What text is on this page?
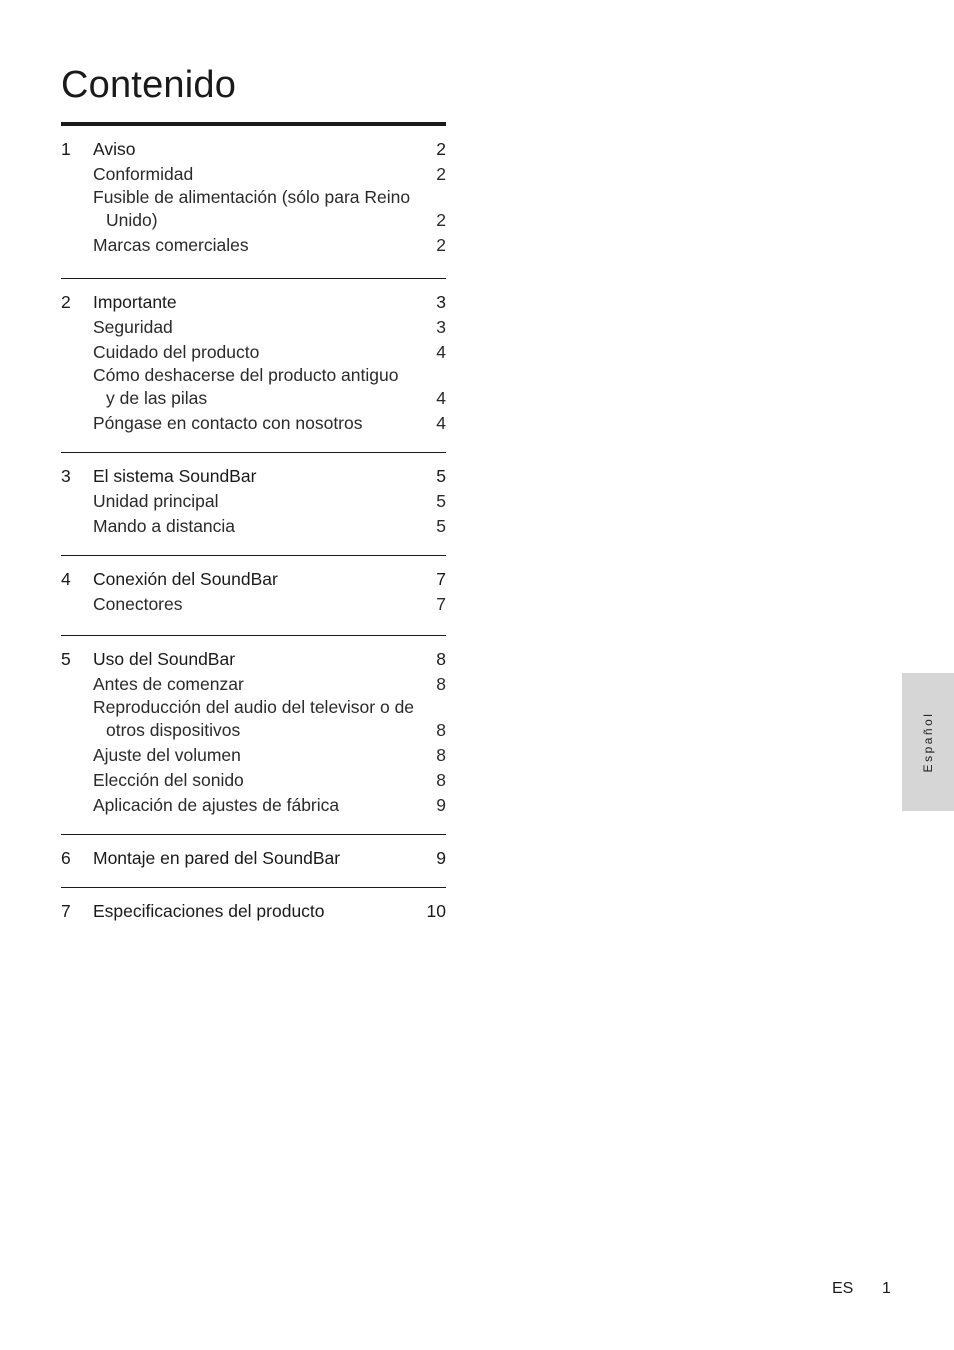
Contenido
1 Aviso	2
Conformidad	2
Fusible de alimentación (sólo para Reino
Unido)	2
Marcas comerciales	2
2 Importante	3
Seguridad	3
Cuidado del producto	4
Cómo deshacerse del producto antiguo
y de las pilas	4
Póngase en contacto con nosotros	4
3 El sistema SoundBar	5
Unidad principal	5
Mando a distancia	5
4 Conexión del SoundBar	7
Conectores	7
5 Uso del SoundBar	8
Antes de comenzar	8
Reproducción del audio del televisor o de
otros dispositivos	8
Ajuste del volumen	8
Elección del sonido	8
Aplicación de ajustes de fábrica	9
6 Montaje en pared del SoundBar	9
7 Especificaciones del producto	10
Español
ES 1
